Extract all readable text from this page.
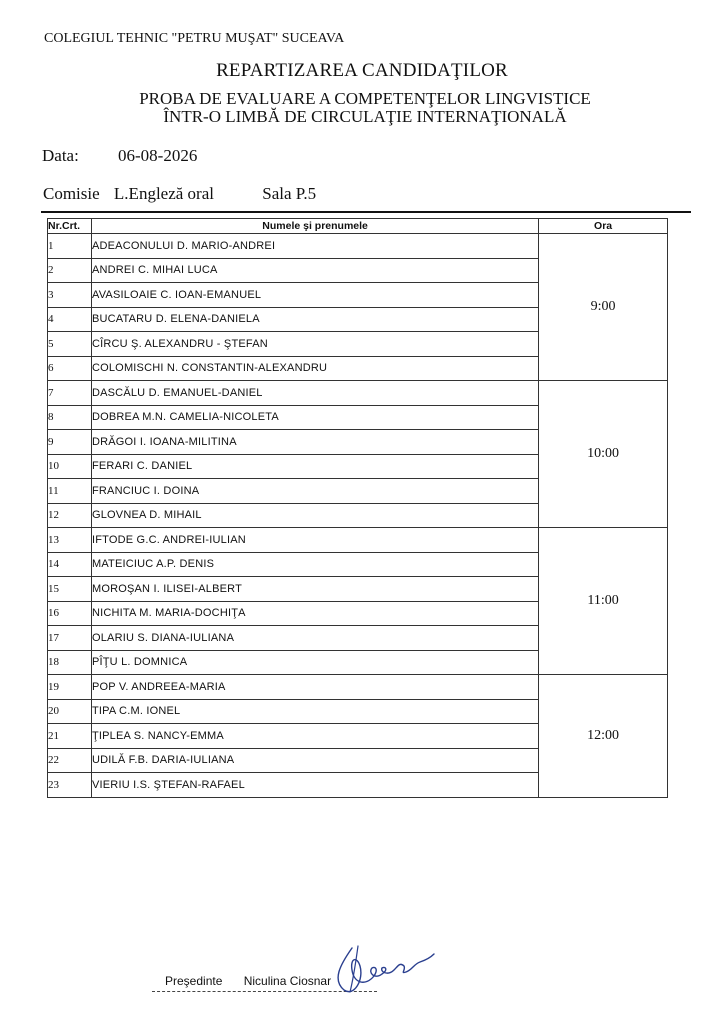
COLEGIUL TEHNIC "PETRU MUŞAT" SUCEAVA
REPARTIZAREA CANDIDAŢILOR
PROBA DE EVALUARE A COMPETENŢELOR LINGVISTICE
ÎNTR-O LIMBĂ DE CIRCULAŢIE INTERNAŢIONALĂ
Data: 06-08-2026
Comisie L.Engleză oral	Sala P.5
Nr.Crt.	Numele şi prenumele	Ora
1	ADEACONULUI D. MARIO-ANDREI	9:00
2	ANDREI C. MIHAI LUCA	
3	AVASILOAIE C. IOAN-EMANUEL	
4	BUCATARU D. ELENA-DANIELA	
5	CÎRCU Ş. ALEXANDRU - ŞTEFAN	
6	COLOMISCHI N. CONSTANTIN-ALEXANDRU	
7	DASCĂLU D. EMANUEL-DANIEL	10:00
8	DOBREA M.N. CAMELIA-NICOLETA	
9	DRĂGOI I. IOANA-MILITINA	
10	FERARI C. DANIEL	
11	FRANCIUC I. DOINA	
12	GLOVNEA D. MIHAIL	
13	IFTODE G.C. ANDREI-IULIAN	11:00
14	MATEICIUC A.P. DENIS	
15	MOROŞAN I. ILISEI-ALBERT	
16	NICHITA M. MARIA-DOCHIŢA	
17	OLARIU S. DIANA-IULIANA	
18	PÎŢU L. DOMNICA	
19	POP V. ANDREEA-MARIA	12:00
20	TIPA C.M. IONEL	
21	ŢIPLEA S. NANCY-EMMA	
22	UDILĂ F.B. DARIA-IULIANA	
23	VIERIU I.S. ŞTEFAN-RAFAEL	
Preşedinte Niculina Ciosnar
